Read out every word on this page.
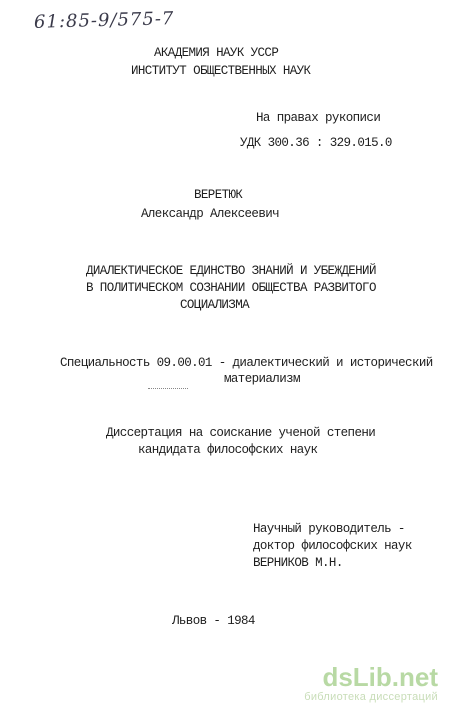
61:85-9/575-7
АКАДЕМИЯ НАУК УССР
ИНСТИТУТ ОБЩЕСТВЕННЫХ НАУК
На правах рукописи
УДК 300.36 : 329.015.0
ВЕРЕТЮК
Александр Алексеевич
ДИАЛЕКТИЧЕСКОЕ ЕДИНСТВО ЗНАНИЙ И УБЕЖДЕНИЙ
В ПОЛИТИЧЕСКОМ СОЗНАНИИ ОБЩЕСТВА РАЗВИТОГО
СОЦИАЛИЗМА
Специальность 09.00.01 - диалектический и исторический
материализм
Диссертация на соискание ученой степени
кандидата философских наук
Научный руководитель -
доктор философских наук
ВЕРНИКОВ М.Н.
Львов - 1984
dsLib.net
библиотека диссертаций
